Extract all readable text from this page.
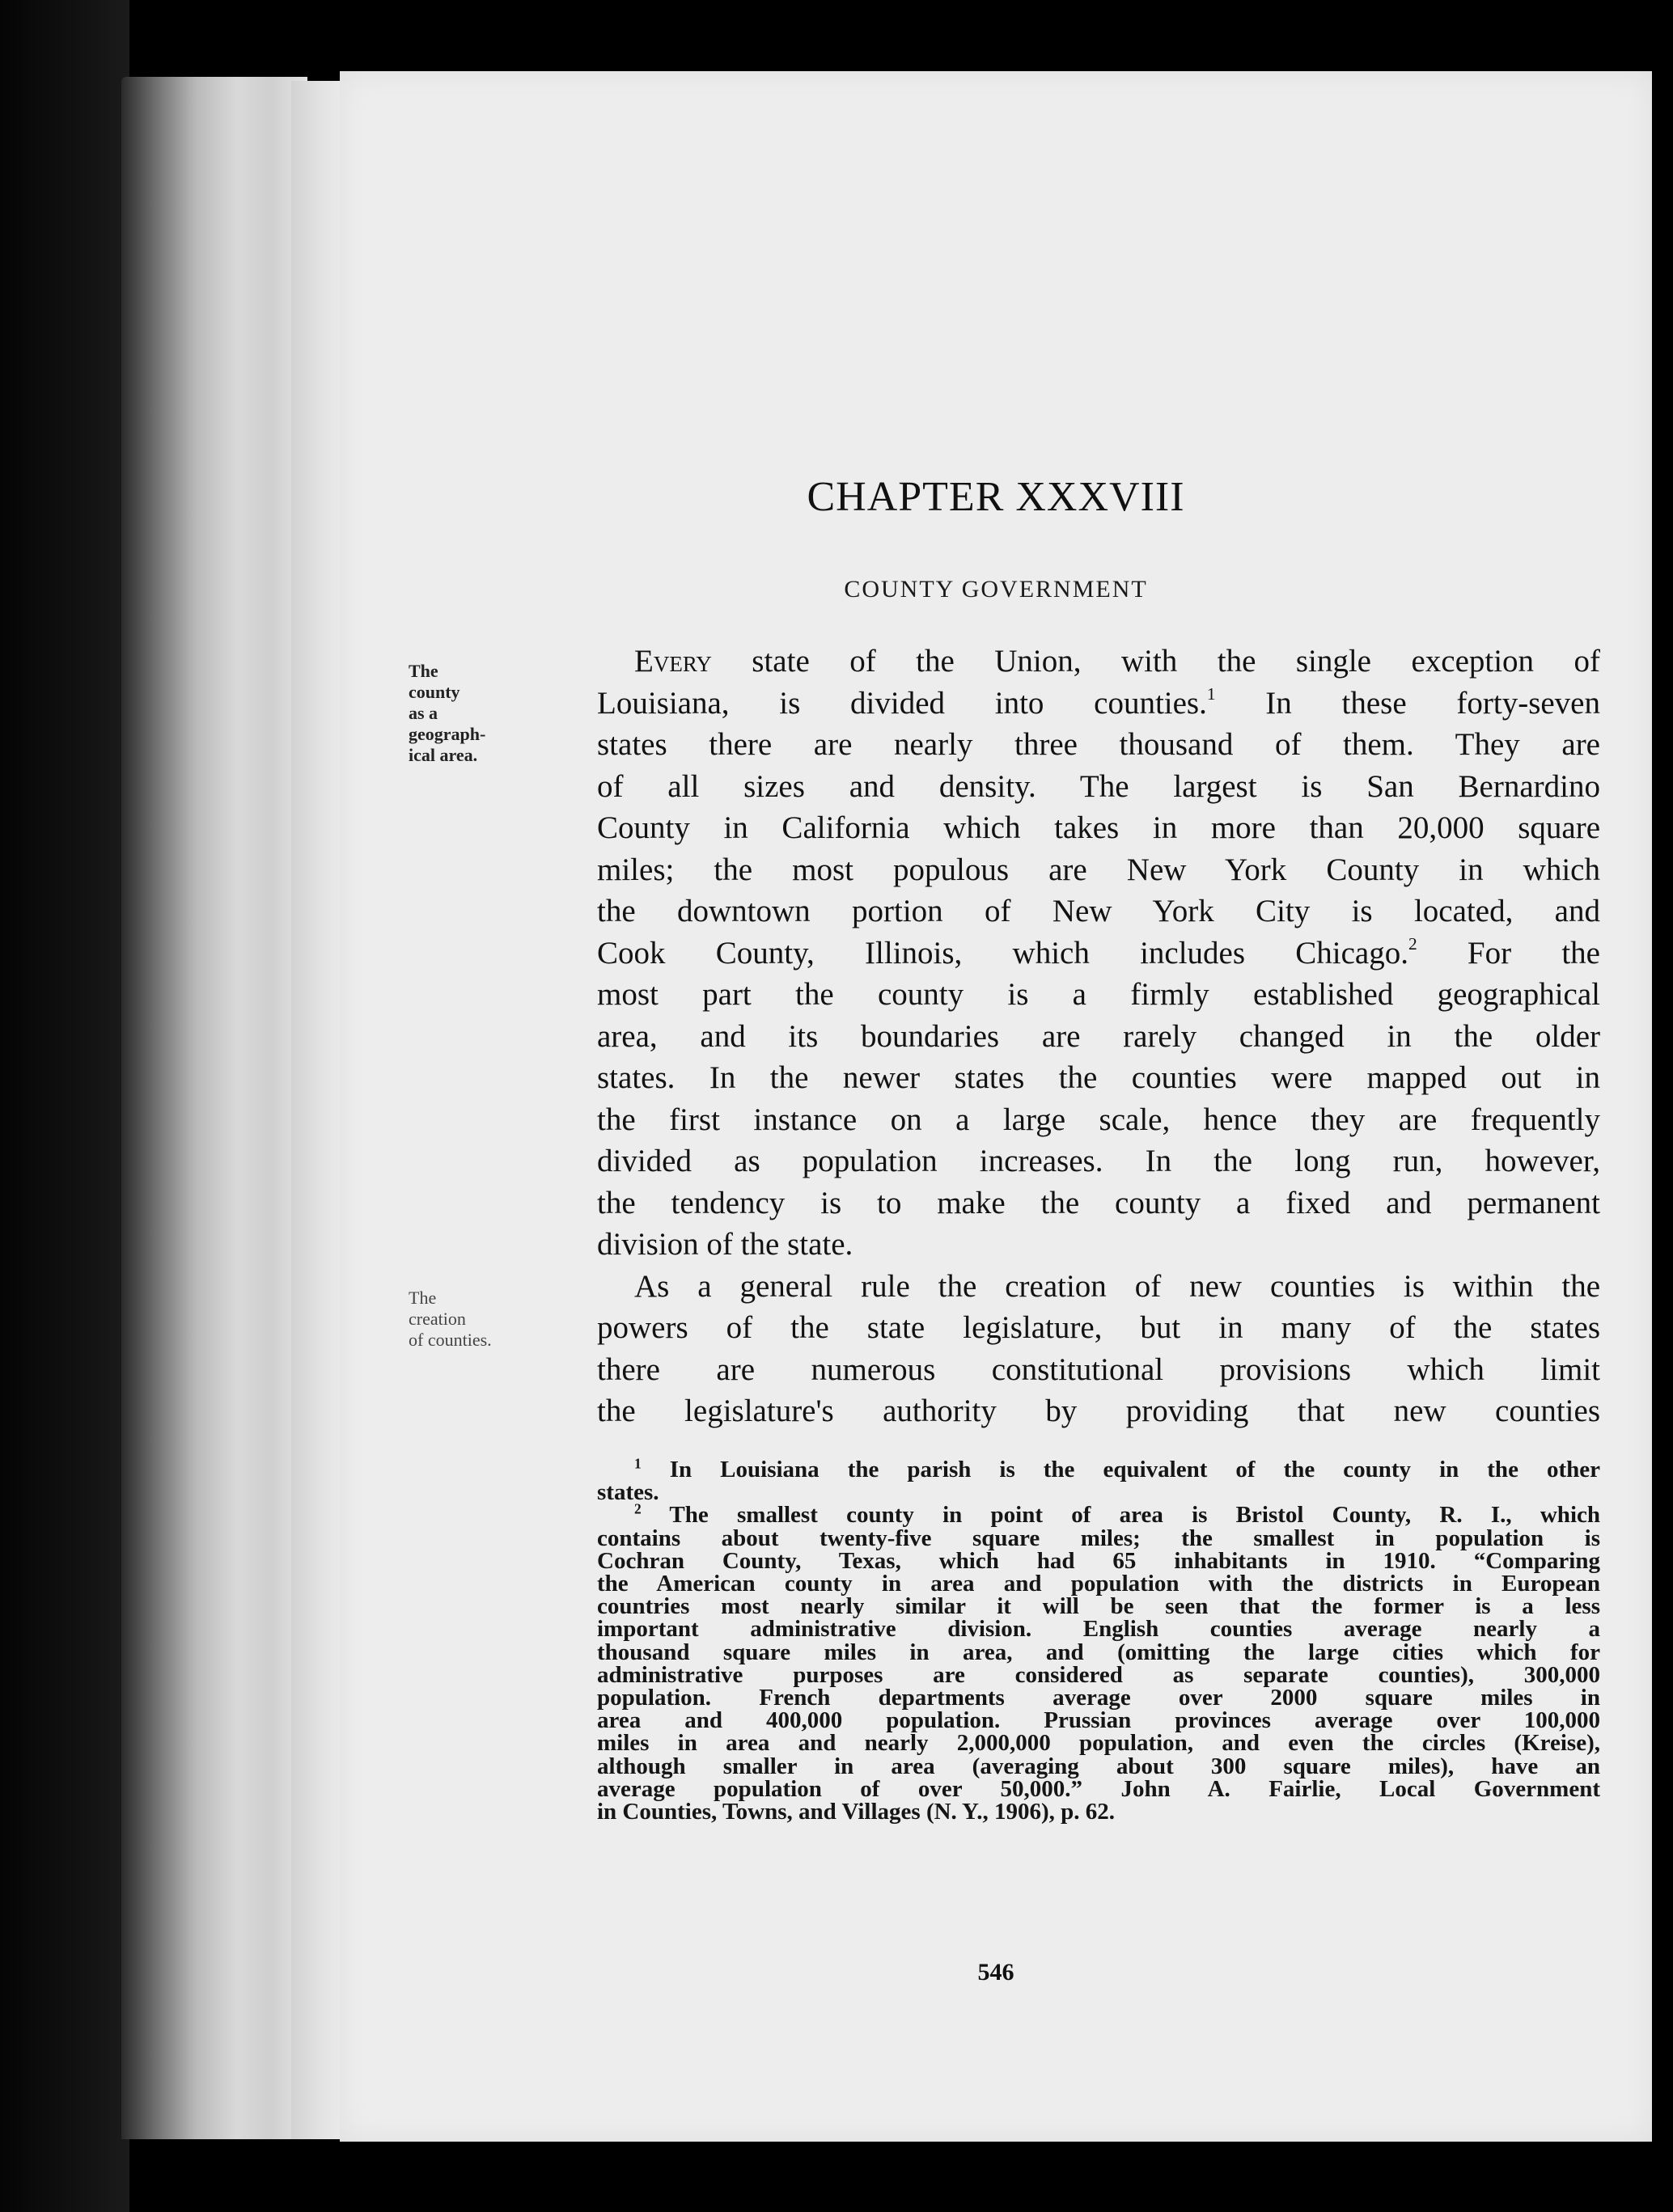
CHAPTER XXXVIII
COUNTY GOVERNMENT
The
county
as a
geograph-
ical area.
The
creation
of counties.
Every state of the Union, with the single exception of
Louisiana, is divided into counties.$^1$ In these forty-seven
states there are nearly three thousand of them. They are
of all sizes and density. The largest is San Bernardino
County in California which takes in more than 20,000 square
miles; the most populous are New York County in which
the downtown portion of New York City is located, and
Cook County, Illinois, which includes Chicago.$^2$ For the
most part the county is a firmly established geographical
area, and its boundaries are rarely changed in the older
states. In the newer states the counties were mapped out in
the first instance on a large scale, hence they are frequently
divided as population increases. In the long run, however,
the tendency is to make the county a fixed and permanent
division of the state.
As a general rule the creation of new counties is within the
powers of the state legislature, but in many of the states
there are numerous constitutional provisions which limit
the legislature's authority by providing that new counties
$^1$ In Louisiana the parish is the equivalent of the county in the other
states.
$^2$ The smallest county in point of area is Bristol County, R. I., which
contains about twenty-five square miles; the smallest in population is
Cochran County, Texas, which had 65 inhabitants in 1910. “Comparing
the American county in area and population with the districts in European
countries most nearly similar it will be seen that the former is a less
important administrative division. English counties average nearly a
thousand square miles in area, and (omitting the large cities which for
administrative purposes are considered as separate counties), 300,000
population. French departments average over 2000 square miles in
area and 400,000 population. Prussian provinces average over 100,000
miles in area and nearly 2,000,000 population, and even the circles (Kreise),
although smaller in area (averaging about 300 square miles), have an
average population of over 50,000.” John A. Fairlie, Local Government
in Counties, Towns, and Villages (N. Y., 1906), p. 62.
546
